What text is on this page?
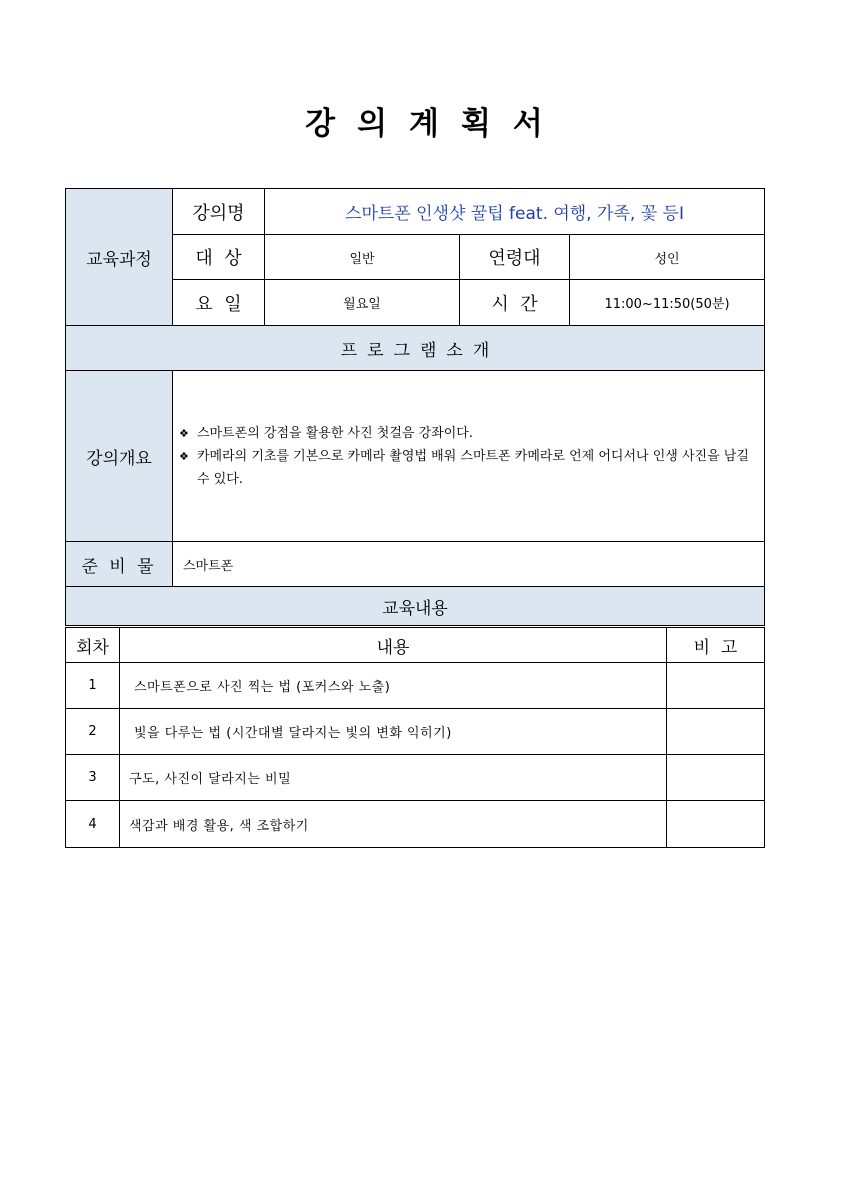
강의계획서
교육과정	강의명	스마트폰 인생샷 꿀팁 feat. 여행, 가족, 꽃 등Ⅰ		
	대  상	일반	연령대	성인
	요  일	월요일	시  간	11:00~11:50(50분)
프로그램소개				
강의개요	❖ 스마트폰의 강점을 활용한 사진 첫걸음 강좌이다.
❖ 카메라의 기초를 기본으로 카메라 촬영법 배워 스마트폰 카메라로 언제 어디서나 인생 사진을 남길 수 있다.			

준 비 물	스마트폰			
교육내용				
회차	내용	비  고
1	스마트폰으로 사진 찍는 법 (포커스와 노출)	
2	빛을 다루는 법 (시간대별 달라지는 빛의 변화 익히기)	
3	구도, 사진이 달라지는 비밀	
4	색감과 배경 활용, 색 조합하기	
